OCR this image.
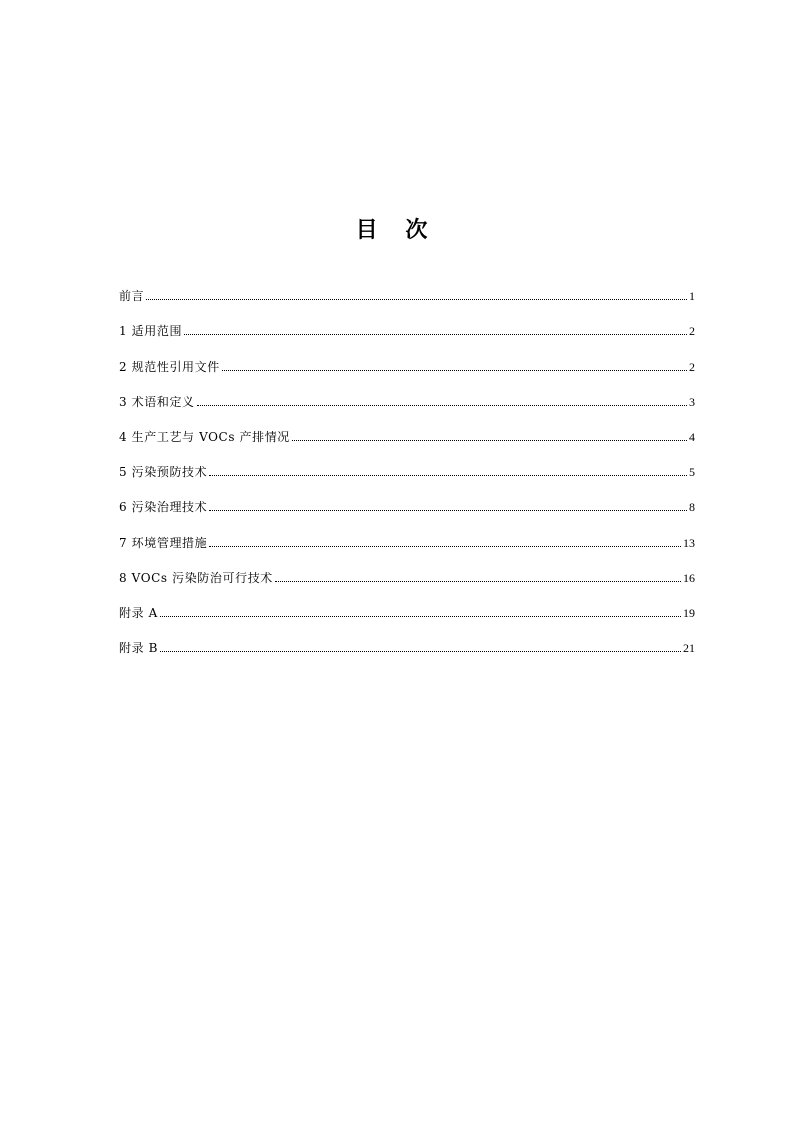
目 次
前言	1
1 适用范围	2
2 规范性引用文件	2
3 术语和定义	3
4 生产工艺与 VOCs 产排情况	4
5 污染预防技术	5
6 污染治理技术	8
7 环境管理措施	13
8 VOCs 污染防治可行技术	16
附录 A	19
附录 B	21
